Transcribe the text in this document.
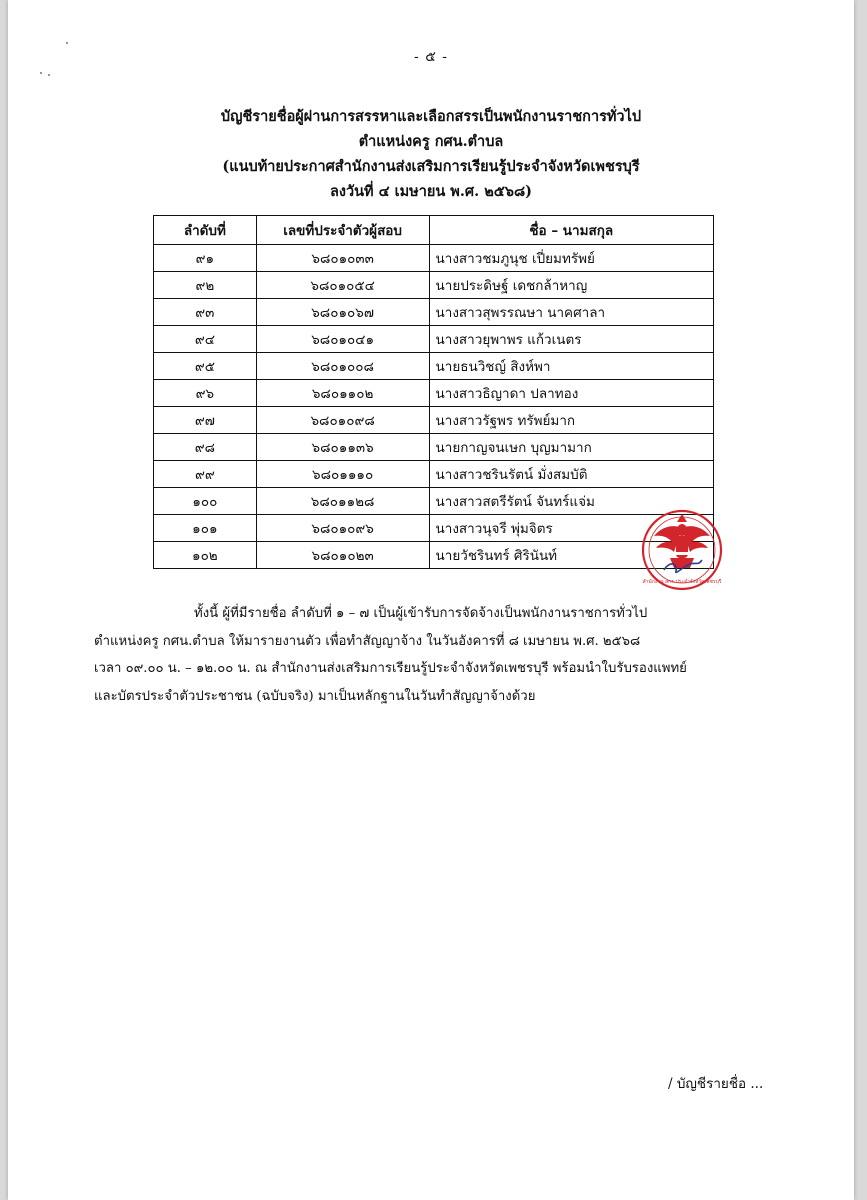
- ๕ -
บัญชีรายชื่อผู้ผ่านการสรรหาและเลือกสรรเป็นพนักงานราชการทั่วไป
ตำแหน่งครู กศน.ตำบล
(แนบท้ายประกาศสำนักงานส่งเสริมการเรียนรู้ประจำจังหวัดเพชรบุรี
ลงวันที่ ๔ เมษายน พ.ศ. ๒๕๖๘)
ลำดับที่	เลขที่ประจำตัวผู้สอบ	ชื่อ – นามสกุล
๙๑	๖๘๐๑๐๓๓	นางสาวชมภูนุช เปี่ยมทรัพย์
๙๒	๖๘๐๑๐๕๔	นายประดิษฐ์ เดชกล้าหาญ
๙๓	๖๘๐๑๐๖๗	นางสาวสุพรรณษา นาคศาลา
๙๔	๖๘๐๑๐๔๑	นางสาวยุพาพร แก้วเนตร
๙๕	๖๘๐๑๐๐๘	นายธนวิชญ์ สิงห์พา
๙๖	๖๘๐๑๑๐๒	นางสาวธิญาดา ปลาทอง
๙๗	๖๘๐๑๐๙๘	นางสาวรัฐพร ทรัพย์มาก
๙๘	๖๘๐๑๑๓๖	นายกาญจนเษก บุญมามาก
๙๙	๖๘๐๑๑๑๐	นางสาวชรินรัตน์ มั่งสมบัติ
๑๐๐	๖๘๐๑๑๒๘	นางสาวสตรีรัตน์ จันทร์แจ่ม
๑๐๑	๖๘๐๑๐๙๖	นางสาวนุจรี พุ่มจิตร
๑๐๒	๖๘๐๑๐๒๓	นายวัชรินทร์ ศิรินันท์
สำนักงาน สกร.ประจำจังหวัดเพชรบุรี

ทั้งนี้ ผู้ที่มีรายชื่อ ลำดับที่ ๑ – ๗ เป็นผู้เข้ารับการจัดจ้างเป็นพนักงานราชการทั่วไป

ตำแหน่งครู กศน.ตำบล ให้มารายงานตัว เพื่อทำสัญญาจ้าง ในวันอังคารที่ ๘ เมษายน พ.ศ. ๒๕๖๘

เวลา ๐๙.๐๐ น. – ๑๒.๐๐ น. ณ สำนักงานส่งเสริมการเรียนรู้ประจำจังหวัดเพชรบุรี พร้อมนำใบรับรองแพทย์

และบัตรประจำตัวประชาชน (ฉบับจริง) มาเป็นหลักฐานในวันทำสัญญาจ้างด้วย

/ บัญชีรายชื่อ ...
